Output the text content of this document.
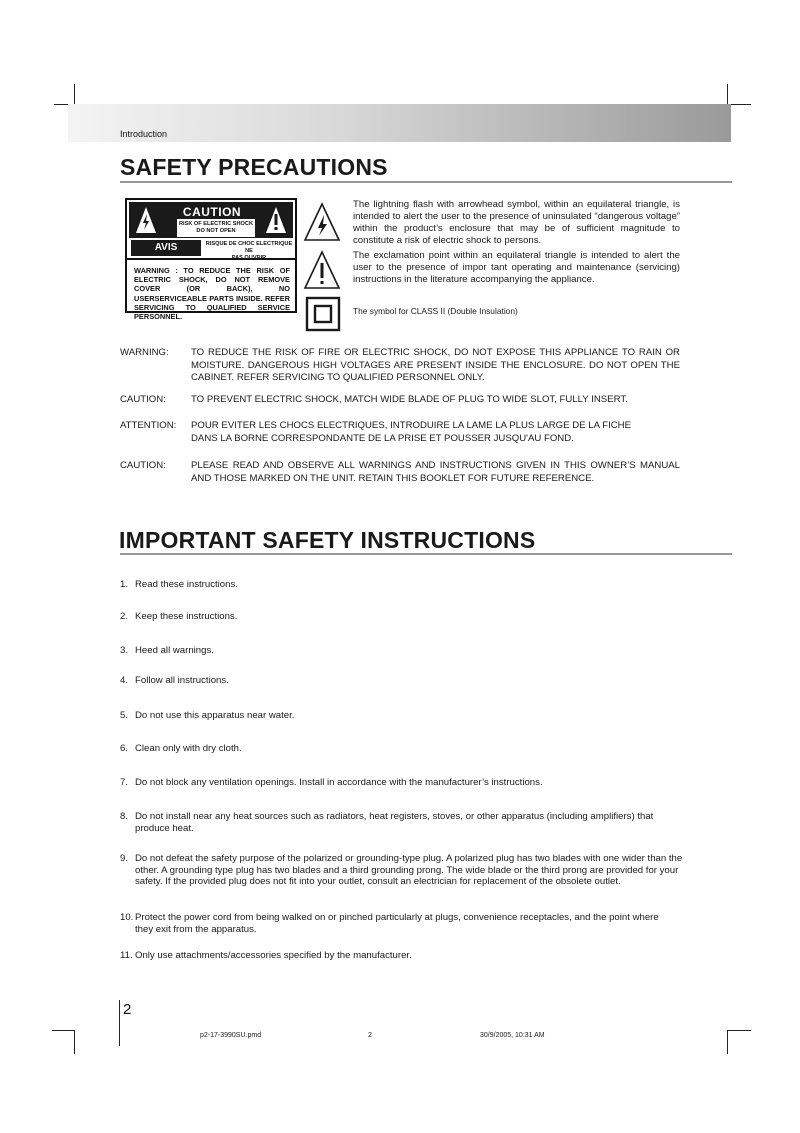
Introduction
SAFETY PRECAUTIONS
CAUTION
RISK OF ELECTRIC SHOCK
DO NOT OPEN
AVIS	RISQUE DE CHOC ELECTRIQUE NE
WARNING : TO REDUCE THE RISK OF ELECTRIC SHOCK, DO NOT REMOVE COVER (OR BACK), NO USERSERVICEABLE PARTS INSIDE. REFER SERVICING TO QUALIFIED SERVICE PERSONNEL.
The lightning flash with arrowhead symbol, within an equilateral triangle, is intended to alert the user to the presence of uninsulated “dangerous voltage” within the product’s enclosure that may be of sufficient magnitude to constitute a risk of electric shock to persons.
The exclamation point within an equilateral triangle is intended to alert the user to the presence of impor tant operating and maintenance (servicing) instructions in the literature accompanying the appliance.
The symbol for CLASS II (Double Insulation)
WARNING: TO REDUCE THE RISK OF FIRE OR ELECTRIC SHOCK, DO NOT EXPOSE THIS APPLIANCE TO RAIN OR MOISTURE. DANGEROUS HIGH VOLTAGES ARE PRESENT INSIDE THE ENCLOSURE. DO NOT OPEN THE CABINET. REFER SERVICING TO QUALIFIED PERSONNEL ONLY.
CAUTION:	TO PREVENT ELECTRIC SHOCK, MATCH WIDE BLADE OF PLUG TO WIDE SLOT, FULLY INSERT.
ATTENTION: POUR EVITER LES CHOCS ELECTRIQUES, INTRODUIRE LA LAME LA PLUS LARGE DE LA FICHE DANS LA BORNE CORRESPONDANTE DE LA PRISE ET POUSSER JUSQU'AU FOND.
CAUTION:	PLEASE READ AND OBSERVE ALL WARNINGS AND INSTRUCTIONS GIVEN IN THIS OWNER’S MANUAL AND THOSE MARKED ON THE UNIT. RETAIN THIS BOOKLET FOR FUTURE REFERENCE.
IMPORTANT SAFETY INSTRUCTIONS
1. Read these instructions.
2. Keep these instructions.
3. Heed all warnings.
4. Follow all instructions.
5. Do not use this apparatus near water.
6. Clean only with dry cloth.
7. Do not block any ventilation openings. Install in accordance with the manufacturer’s instructions.
8. Do not install near any heat sources such as radiators, heat registers, stoves, or other apparatus (including amplifiers) that produce heat.
9. Do not defeat the safety purpose of the polarized or grounding-type plug. A polarized plug has two blades with one wider than the other. A grounding type plug has two blades and a third grounding prong. The wide blade or the third prong are provided for your safety. If the provided plug does not fit into your outlet, consult an electrician for replacement of the obsolete outlet.
10. Protect the power cord from being walked on or pinched particularly at plugs, convenience receptacles, and the point where they exit from the apparatus.
11. Only use attachments/accessories specified by the manufacturer.
2
p2-17-3990SU.pmd	2	30/9/2005, 10:31 AM
